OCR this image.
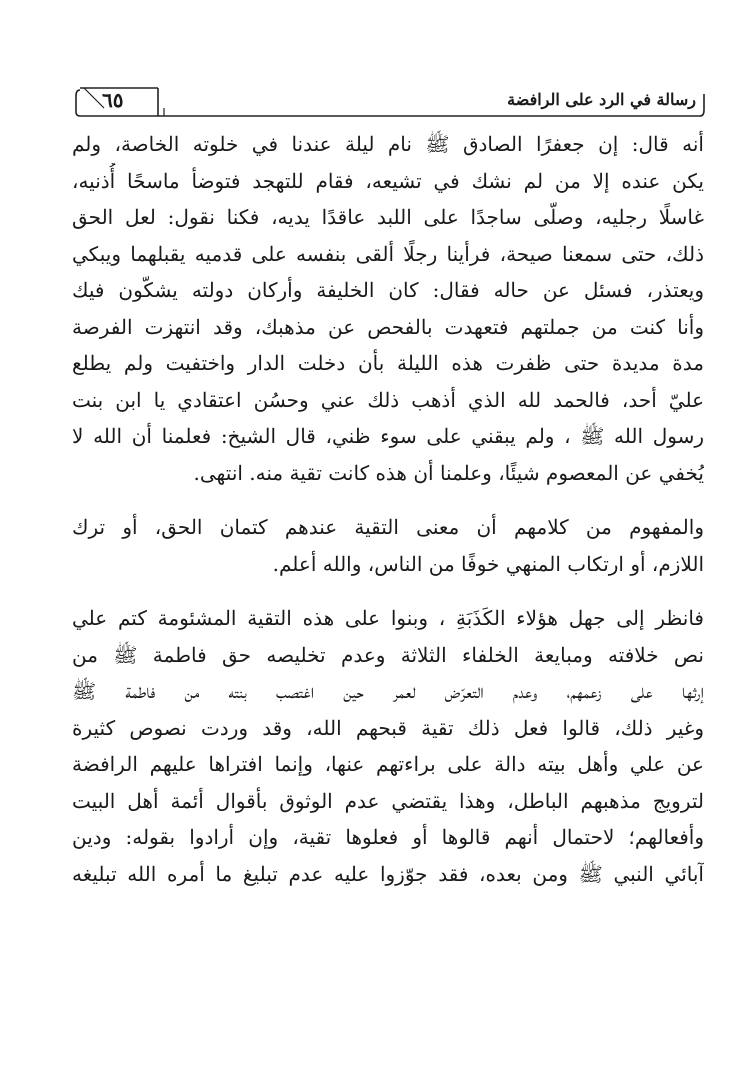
رسالة في الرد على الرافضة
٦٥

أنه قال: إن جعفرًا الصادق ﷺ نام ليلة عندنا في خلوته الخاصة، ولم
يكن عنده إلا من لم نشك في تشيعه، فقام للتهجد فتوضأ ماسحًا أُذنيه،
غاسلًا رجليه، وصلّى ساجدًا على اللبد عاقدًا يديه، فكنا نقول: لعل الحق
ذلك، حتى سمعنا صيحة، فرأينا رجلًا ألقى بنفسه على قدميه يقبلهما ويبكي
ويعتذر، فسئل عن حاله فقال: كان الخليفة وأركان دولته يشكّون فيك
وأنا كنت من جملتهم فتعهدت بالفحص عن مذهبك، وقد انتهزت الفرصة
مدة مديدة حتى ظفرت هذه الليلة بأن دخلت الدار واختفيت ولم يطلع
عليّ أحد، فالحمد لله الذي أذهب ذلك عني وحسُن اعتقادي يا ابن بنت
رسول الله ﷺ ، ولم يبقني على سوء ظني، قال الشيخ: فعلمنا أن الله لا
يُخفي عن المعصوم شيئًا، وعلمنا أن هذه كانت تقية منه. انتهى.

والمفهوم من كلامهم أن معنى التقية عندهم كتمان الحق، أو ترك
اللازم، أو ارتكاب المنهي خوفًا من الناس، والله أعلم.

فانظر إلى جهل هؤلاء الكَذَبَةِ ، وبنوا على هذه التقية المشئومة كتم علي
نص خلافته ومبايعة الخلفاء الثلاثة وعدم تخليصه حق فاطمة ﷺ من
إرثها على زعمهم، وعدم التعرّض لعمر حين اغتصب بنته من فاطمة ﷺ
وغير ذلك، قالوا فعل ذلك تقية قبحهم الله، وقد وردت نصوص كثيرة
عن علي وأهل بيته دالة على براءتهم عنها، وإنما افتراها عليهم الرافضة
لترويج مذهبهم الباطل، وهذا يقتضي عدم الوثوق بأقوال أئمة أهل البيت
وأفعالهم؛ لاحتمال أنهم قالوها أو فعلوها تقية، وإن أرادوا بقوله: ودين
آبائي النبي ﷺ ومن بعده، فقد جوّزوا عليه عدم تبليغ ما أمره الله تبليغه
